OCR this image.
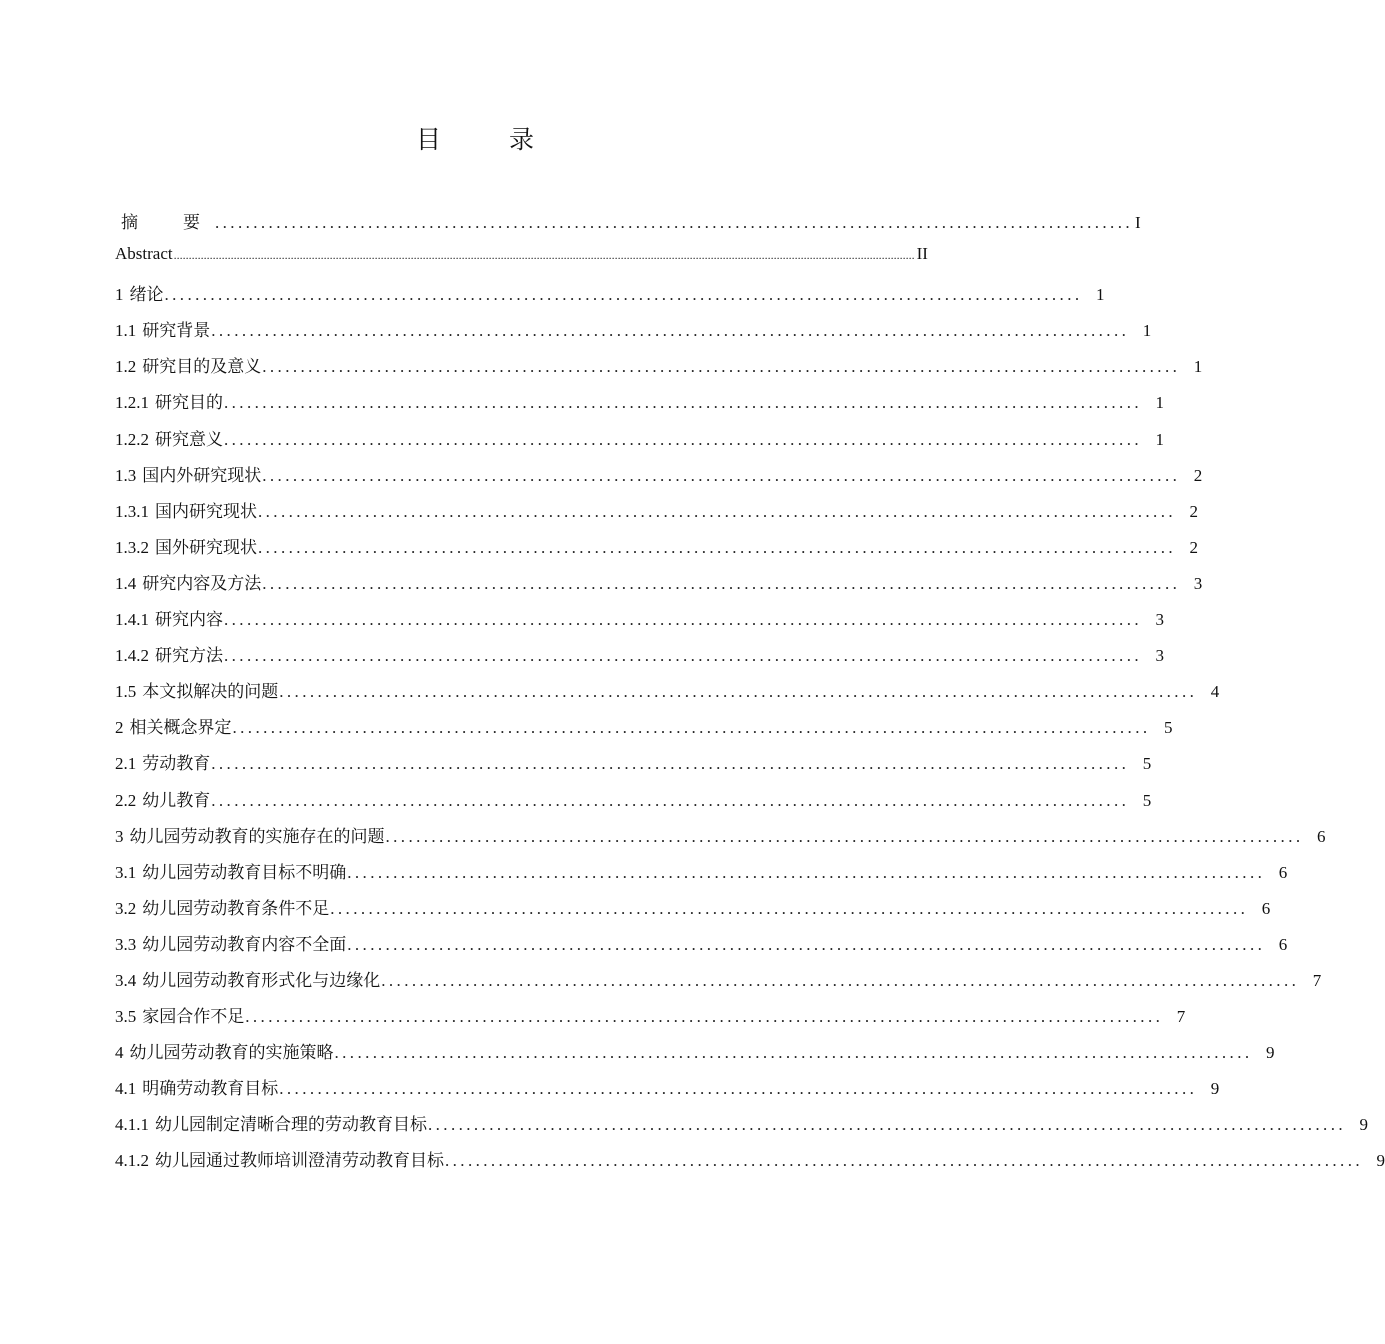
目 录
摘　要 ........................................................................................................................ I
Abstract ....................................................................................................................................................................................................................................................... II
1 绪论 ........................................................................................................................ 1
1.1 研究背景 ........................................................................................................................ 1
1.2 研究目的及意义 ........................................................................................................................ 1
1.2.1 研究目的 ........................................................................................................................ 1
1.2.2 研究意义 ........................................................................................................................ 1
1.3 国内外研究现状 ........................................................................................................................ 2
1.3.1 国内研究现状 ........................................................................................................................ 2
1.3.2 国外研究现状 ........................................................................................................................ 2
1.4 研究内容及方法 ........................................................................................................................ 3
1.4.1 研究内容 ........................................................................................................................ 3
1.4.2 研究方法 ........................................................................................................................ 3
1.5 本文拟解决的问题 ........................................................................................................................ 4
2 相关概念界定 ........................................................................................................................ 5
2.1 劳动教育 ........................................................................................................................ 5
2.2 幼儿教育 ........................................................................................................................ 5
3 幼儿园劳动教育的实施存在的问题 ........................................................................................................................ 6
3.1 幼儿园劳动教育目标不明确 ........................................................................................................................ 6
3.2 幼儿园劳动教育条件不足 ........................................................................................................................ 6
3.3 幼儿园劳动教育内容不全面 ........................................................................................................................ 6
3.4 幼儿园劳动教育形式化与边缘化 ........................................................................................................................ 7
3.5 家园合作不足 ........................................................................................................................ 7
4 幼儿园劳动教育的实施策略 ........................................................................................................................ 9
4.1 明确劳动教育目标 ........................................................................................................................ 9
4.1.1 幼儿园制定清晰合理的劳动教育目标 ........................................................................................................................ 9
4.1.2 幼儿园通过教师培训澄清劳动教育目标 ........................................................................................................................ 9
